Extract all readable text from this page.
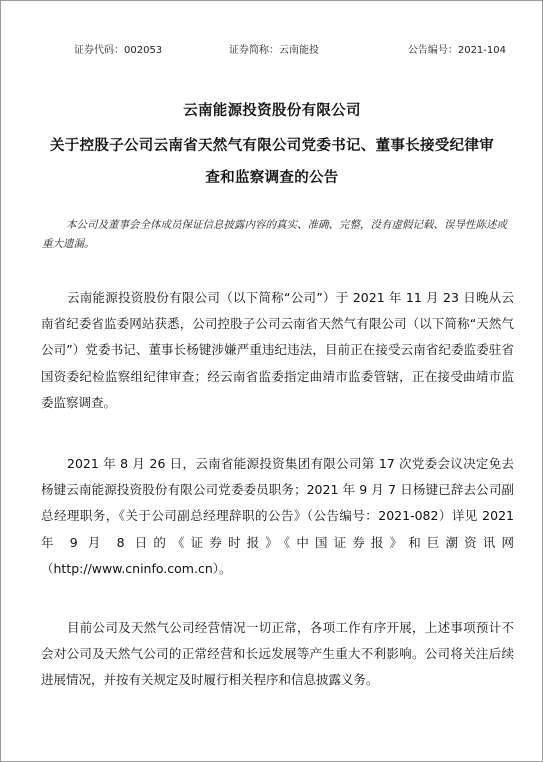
证券代码：002053	证券简称：云南能投	公告编号：2021-104
云南能源投资股份有限公司
关于控股子公司云南省天然气有限公司党委书记、董事长接受纪律审
查和监察调查的公告
本公司及董事会全体成员保证信息披露内容的真实、准确、完整，没有虚假记载、误导性陈述或重大遗漏。
云南能源投资股份有限公司（以下简称“公司”）于 2021 年 11 月 23 日晚从云南省纪委省监委网站获悉，公司控股子公司云南省天然气有限公司（以下简称“天然气公司”）党委书记、董事长杨键涉嫌严重违纪违法，目前正在接受云南省纪委监委驻省国资委纪检监察组纪律审查；经云南省监委指定曲靖市监委管辖，正在接受曲靖市监委监察调查。
2021 年 8 月 26 日，云南省能源投资集团有限公司第 17 次党委会议决定免去杨键云南能源投资股份有限公司党委委员职务；2021 年 9 月 7 日杨键已辞去公司副总经理职务，《关于公司副总经理辞职的公告》（公告编号：2021-082）详见 2021 年 9 月 8 日的《证券时报》《中国证券报》和巨潮资讯网（http://www.cninfo.com.cn）。
目前公司及天然气公司经营情况一切正常，各项工作有序开展，上述事项预计不会对公司及天然气公司的正常经营和长远发展等产生重大不利影响。公司将关注后续进展情况，并按有关规定及时履行相关程序和信息披露义务。
